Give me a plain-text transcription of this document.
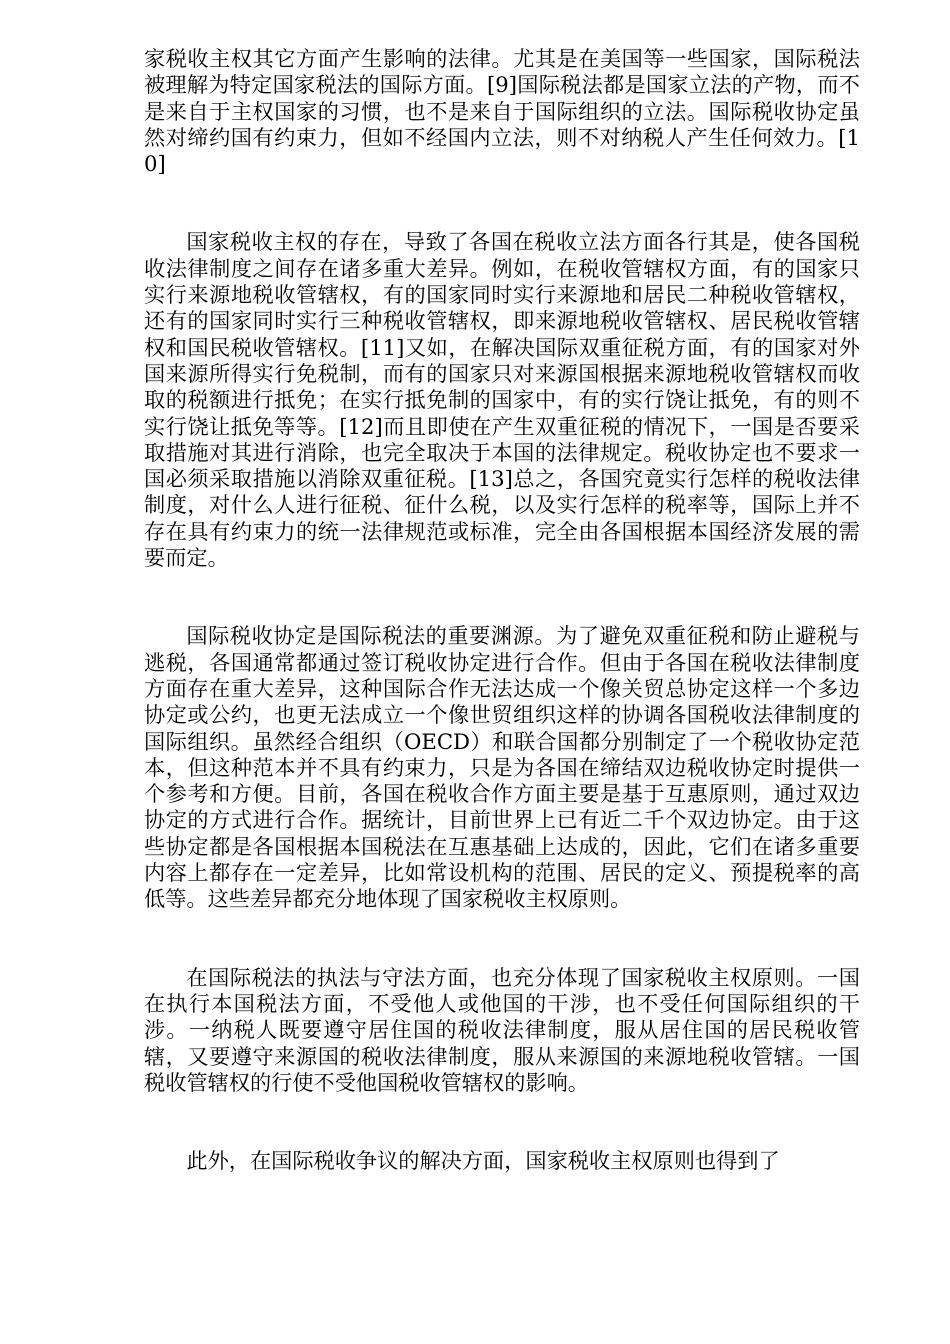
家税收主权其它方面产生影响的法律。尤其是在美国等一些国家，国际税法被理解为特定国家税法的国际方面。[9]国际税法都是国家立法的产物，而不是来自于主权国家的习惯，也不是来自于国际组织的立法。国际税收协定虽然对缔约国有约束力，但如不经国内立法，则不对纳税人产生任何效力。[10]

国家税收主权的存在，导致了各国在税收立法方面各行其是，使各国税收法律制度之间存在诸多重大差异。例如，在税收管辖权方面，有的国家只实行来源地税收管辖权，有的国家同时实行来源地和居民二种税收管辖权，还有的国家同时实行三种税收管辖权，即来源地税收管辖权、居民税收管辖权和国民税收管辖权。[11]又如，在解决国际双重征税方面，有的国家对外国来源所得实行免税制，而有的国家只对来源国根据来源地税收管辖权而收取的税额进行抵免；在实行抵免制的国家中，有的实行饶让抵免，有的则不实行饶让抵免等等。[12]而且即使在产生双重征税的情况下，一国是否要采取措施对其进行消除，也完全取决于本国的法律规定。税收协定也不要求一国必须采取措施以消除双重征税。[13]总之，各国究竟实行怎样的税收法律制度，对什么人进行征税、征什么税，以及实行怎样的税率等，国际上并不存在具有约束力的统一法律规范或标准，完全由各国根据本国经济发展的需要而定。

国际税收协定是国际税法的重要渊源。为了避免双重征税和防止避税与逃税，各国通常都通过签订税收协定进行合作。但由于各国在税收法律制度方面存在重大差异，这种国际合作无法达成一个像关贸总协定这样一个多边协定或公约，也更无法成立一个像世贸组织这样的协调各国税收法律制度的国际组织。虽然经合组织（OECD）和联合国都分别制定了一个税收协定范本，但这种范本并不具有约束力，只是为各国在缔结双边税收协定时提供一个参考和方便。目前，各国在税收合作方面主要是基于互惠原则，通过双边协定的方式进行合作。据统计，目前世界上已有近二千个双边协定。由于这些协定都是各国根据本国税法在互惠基础上达成的，因此，它们在诸多重要内容上都存在一定差异，比如常设机构的范围、居民的定义、预提税率的高低等。这些差异都充分地体现了国家税收主权原则。

在国际税法的执法与守法方面，也充分体现了国家税收主权原则。一国在执行本国税法方面，不受他人或他国的干涉，也不受任何国际组织的干涉。一纳税人既要遵守居住国的税收法律制度，服从居住国的居民税收管辖，又要遵守来源国的税收法律制度，服从来源国的来源地税收管辖。一国税收管辖权的行使不受他国税收管辖权的影响。

此外，在国际税收争议的解决方面，国家税收主权原则也得到了
